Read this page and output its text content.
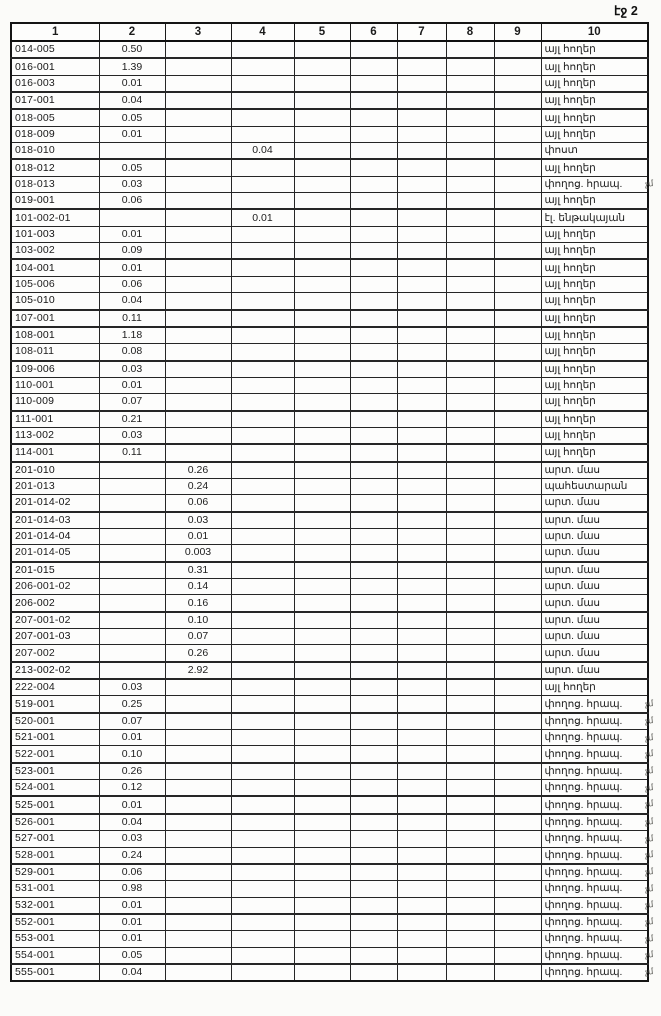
էջ 2
1	2	3	4	5	6	7	8	9	10
014-005	0.50								այլ հողեր
016-001	1.39								այլ հողեր
016-003	0.01								այլ հողեր
017-001	0.04								այլ հողեր
018-005	0.05								այլ հողեր
018-009	0.01								այլ հողեր
018-010			0.04						փոստ
018-012	0.05								այլ հողեր
018-013	0.03								փողոց. հրապ.
019-001	0.06								այլ հողեր
101-002-01			0.01						էլ. ենթակայան
101-003	0.01								այլ հողեր
103-002	0.09								այլ հողեր
104-001	0.01								այլ հողեր
105-006	0.06								այլ հողեր
105-010	0.04								այլ հողեր
107-001	0.11								այլ հողեր
108-001	1.18								այլ հողեր
108-011	0.08								այլ հողեր
109-006	0.03								այլ հողեր
110-001	0.01								այլ հողեր
110-009	0.07								այլ հողեր
111-001	0.21								այլ հողեր
113-002	0.03								այլ հողեր
114-001	0.11								այլ հողեր
201-010		0.26							արտ. մաս
201-013		0.24							պահեստարան
201-014-02		0.06							արտ. մաս
201-014-03		0.03							արտ. մաս
201-014-04		0.01							արտ. մաս
201-014-05		0.003							արտ. մաս
201-015		0.31							արտ. մաս
206-001-02		0.14							արտ. մաս
206-002		0.16							արտ. մաս
207-001-02		0.10							արտ. մաս
207-001-03		0.07							արտ. մաս
207-002		0.26							արտ. մաս
213-002-02		2.92							արտ. մաս
222-004	0.03								այլ հողեր
519-001	0.25								փողոց. հրապ.
520-001	0.07								փողոց. հրապ.
521-001	0.01								փողոց. հրապ.
522-001	0.10								փողոց. հրապ.
523-001	0.26								փողոց. հրապ.
524-001	0.12								փողոց. հրապ.
525-001	0.01								փողոց. հրապ.
526-001	0.04								փողոց. հրապ.
527-001	0.03								փողոց. հրապ.
528-001	0.24								փողոց. հրապ.
529-001	0.06								փողոց. հրապ.
531-001	0.98								փողոց. հրապ.
532-001	0.01								փողոց. հրապ.
552-001	0.01								փողոց. հրապ.
553-001	0.01								փողոց. հրապ.
554-001	0.05								փողոց. հրապ.
555-001	0.04								փողոց. հրապ.
չմ
չմ
չմ
չմ
չմ
չմ
չմ
չմ
չմ
չմ
չմ
չմ
չմ
չմ
չմ
չմ
չմ
չմ
